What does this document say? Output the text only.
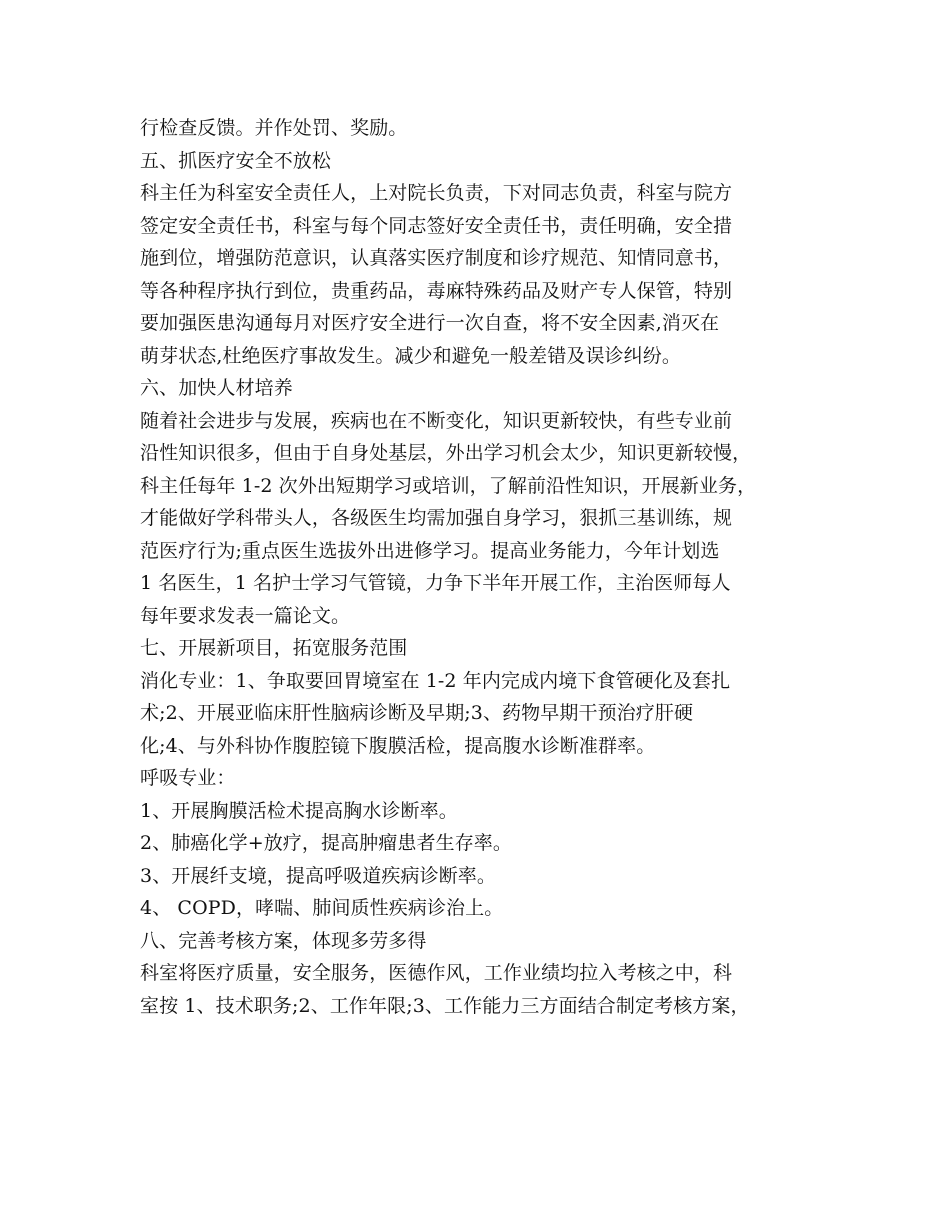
行检查反馈。并作处罚、奖励。
五、抓医疗安全不放松
科主任为科室安全责任人，上对院长负责，下对同志负责，科室与院方
签定安全责任书，科室与每个同志签好安全责任书，责任明确，安全措
施到位，增强防范意识，认真落实医疗制度和诊疗规范、知情同意书，
等各种程序执行到位，贵重药品，毒麻特殊药品及财产专人保管，特别
要加强医患沟通每月对医疗安全进行一次自查，将不安全因素,消灭在
萌芽状态,杜绝医疗事故发生。减少和避免一般差错及误诊纠纷。
六、加快人材培养
随着社会进步与发展，疾病也在不断变化，知识更新较快，有些专业前
沿性知识很多，但由于自身处基层，外出学习机会太少，知识更新较慢，
科主任每年 1-2 次外出短期学习或培训，了解前沿性知识，开展新业务，
才能做好学科带头人，各级医生均需加强自身学习，狠抓三基训练，规
范医疗行为;重点医生选拔外出进修学习。提高业务能力，今年计划选
1 名医生，1 名护士学习气管镜，力争下半年开展工作，主治医师每人
每年要求发表一篇论文。
七、开展新项目，拓宽服务范围
消化专业：1、争取要回胃境室在 1-2 年内完成内境下食管硬化及套扎
术;2、开展亚临床肝性脑病诊断及早期;3、药物早期干预治疗肝硬
化;4、与外科协作腹腔镜下腹膜活检，提高腹水诊断准群率。
呼吸专业：
1、开展胸膜活检术提高胸水诊断率。
2、肺癌化学+放疗，提高肿瘤患者生存率。
3、开展纤支境，提高呼吸道疾病诊断率。
4、 COPD，哮喘、肺间质性疾病诊治上。
八、完善考核方案，体现多劳多得
科室将医疗质量，安全服务，医德作风，工作业绩均拉入考核之中，科
室按 1、技术职务;2、工作年限;3、工作能力三方面结合制定考核方案，
